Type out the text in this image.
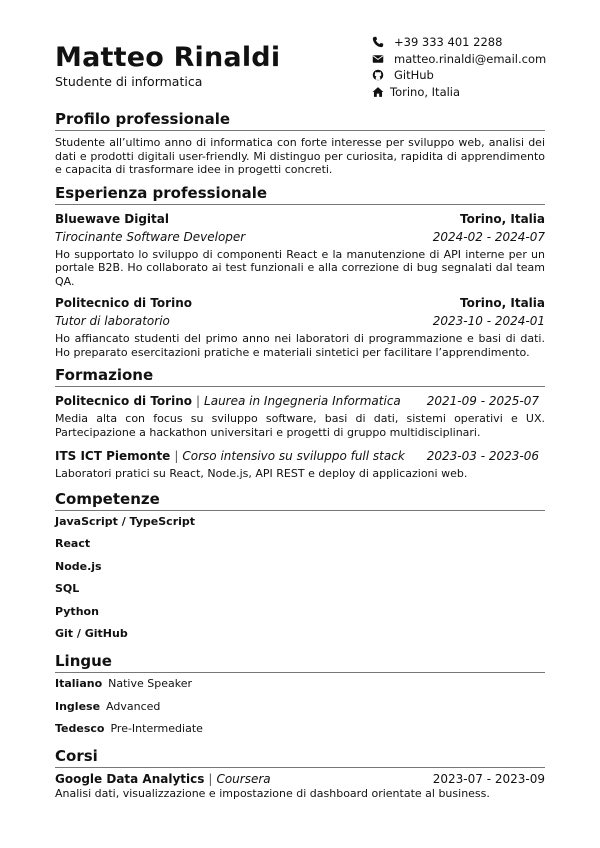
Matteo Rinaldi
Studente di informatica
+39 333 401 2288
matteo.rinaldi@email.com
GitHub
Torino, Italia
Profilo professionale
Studente all’ultimo anno di informatica con forte interesse per sviluppo web, analisi dei dati e prodotti digitali user-friendly. Mi distinguo per curiosita, rapidita di apprendimento e capacita di trasformare idee in progetti concreti.
Esperienza professionale
Bluewave Digital	Torino, Italia
Tirocinante Software Developer	2024-02 - 2024-07
Ho supportato lo sviluppo di componenti React e la manutenzione di API interne per un portale B2B. Ho collaborato ai test funzionali e alla correzione di bug segnalati dal team QA.
Politecnico di Torino	Torino, Italia
Tutor di laboratorio	2023-10 - 2024-01
Ho affiancato studenti del primo anno nei laboratori di programmazione e basi di dati. Ho preparato esercitazioni pratiche e materiali sintetici per facilitare l’apprendimento.
Formazione
Politecnico di Torino | Laurea in Ingegneria Informatica 2021-09 - 2025-07
Media alta con focus su sviluppo software, basi di dati, sistemi operativi e UX. Partecipazione a hackathon universitari e progetti di gruppo multidisciplinari.
ITS ICT Piemonte | Corso intensivo su sviluppo full stack 2023-03 - 2023-06
Laboratori pratici su React, Node.js, API REST e deploy di applicazioni web.
Competenze
JavaScript / TypeScript
React
Node.js
SQL
Python
Git / GitHub
Lingue
Italiano Native Speaker
Inglese Advanced
Tedesco Pre-Intermediate
Corsi
Google Data Analytics | Coursera	2023-07 - 2023-09
Analisi dati, visualizzazione e impostazione di dashboard orientate al business.
